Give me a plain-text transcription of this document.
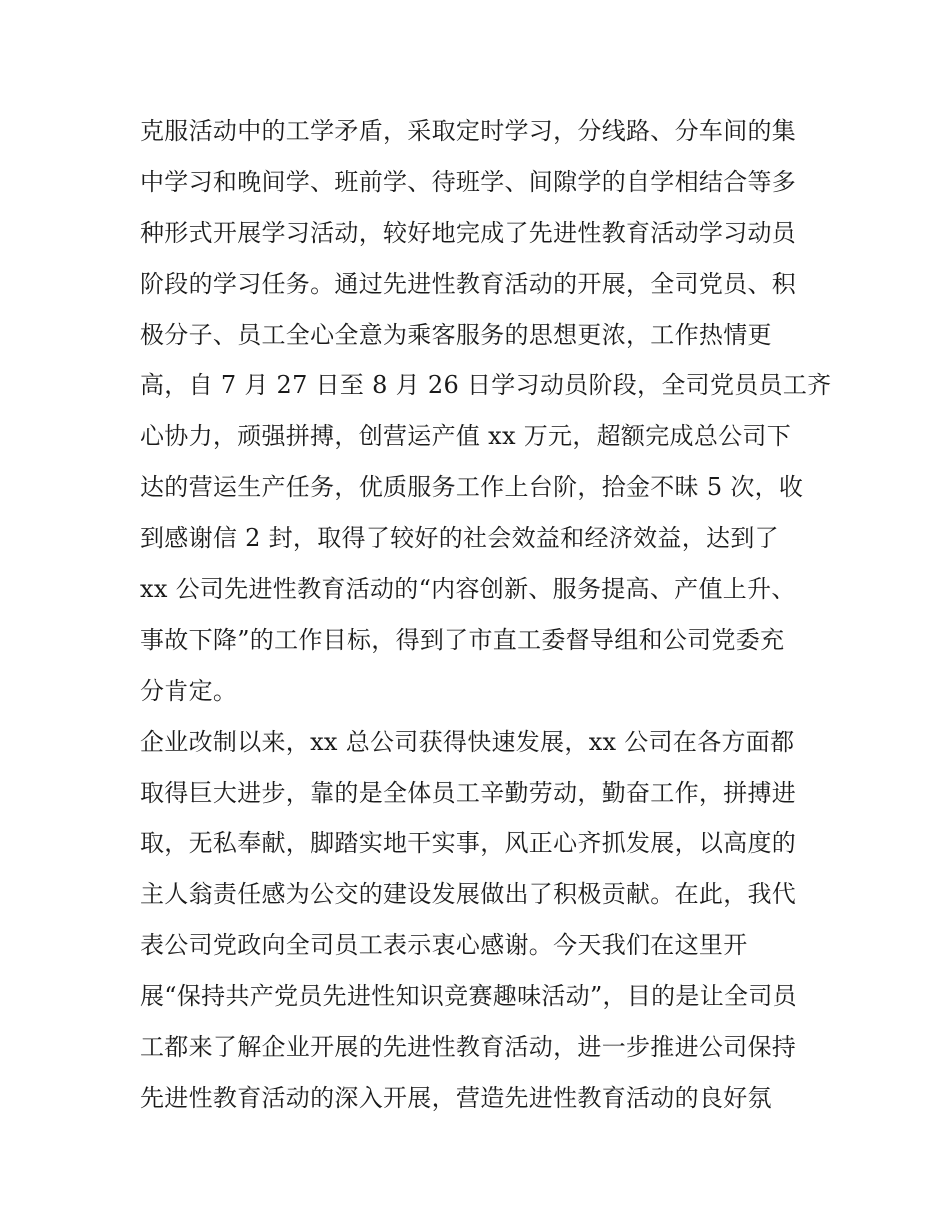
克服活动中的工学矛盾，采取定时学习，分线路、分车间的集
中学习和晚间学、班前学、待班学、间隙学的自学相结合等多
种形式开展学习活动，较好地完成了先进性教育活动学习动员
阶段的学习任务。通过先进性教育活动的开展，全司党员、积
极分子、员工全心全意为乘客服务的思想更浓，工作热情更
高，自 7 月 27 日至 8 月 26 日学习动员阶段，全司党员员工齐
心协力，顽强拼搏，创营运产值 xx 万元，超额完成总公司下
达的营运生产任务，优质服务工作上台阶，拾金不昧 5 次，收
到感谢信 2 封，取得了较好的社会效益和经济效益，达到了
xx 公司先进性教育活动的“内容创新、服务提高、产值上升、
事故下降”的工作目标，得到了市直工委督导组和公司党委充
分肯定。
企业改制以来，xx 总公司获得快速发展，xx 公司在各方面都
取得巨大进步，靠的是全体员工辛勤劳动，勤奋工作，拼搏进
取，无私奉献，脚踏实地干实事，风正心齐抓发展，以高度的
主人翁责任感为公交的建设发展做出了积极贡献。在此，我代
表公司党政向全司员工表示衷心感谢。今天我们在这里开
展“保持共产党员先进性知识竞赛趣味活动”，目的是让全司员
工都来了解企业开展的先进性教育活动，进一步推进公司保持
先进性教育活动的深入开展，营造先进性教育活动的良好氛
